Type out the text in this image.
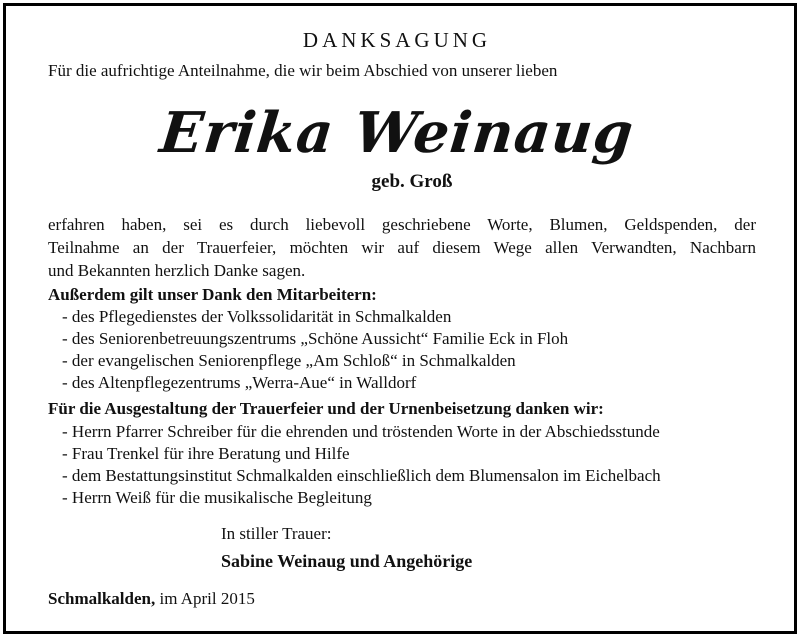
DANKSAGUNG
Für die aufrichtige Anteilnahme, die wir beim Abschied von unserer lieben
Erika Weinaug
geb. Groß
erfahren haben, sei es durch liebevoll geschriebene Worte, Blumen, Geldspenden, der
Teilnahme an der Trauerfeier, möchten wir auf diesem Wege allen Verwandten, Nachbarn
und Bekannten herzlich Danke sagen.
Außerdem gilt unser Dank den Mitarbeitern:
- des Pflegedienstes der Volkssolidarität in Schmalkalden
- des Seniorenbetreuungszentrums „Schöne Aussicht“ Familie Eck in Floh
- der evangelischen Seniorenpflege „Am Schloß“ in Schmalkalden
- des Altenpflegezentrums „Werra-Aue“ in Walldorf
Für die Ausgestaltung der Trauerfeier und der Urnenbeisetzung danken wir:
- Herrn Pfarrer Schreiber für die ehrenden und tröstenden Worte in der Abschiedsstunde
- Frau Trenkel für ihre Beratung und Hilfe
- dem Bestattungsinstitut Schmalkalden einschließlich dem Blumensalon im Eichelbach
- Herrn Weiß für die musikalische Begleitung
In stiller Trauer:
Sabine Weinaug und Angehörige
Schmalkalden, im April 2015
